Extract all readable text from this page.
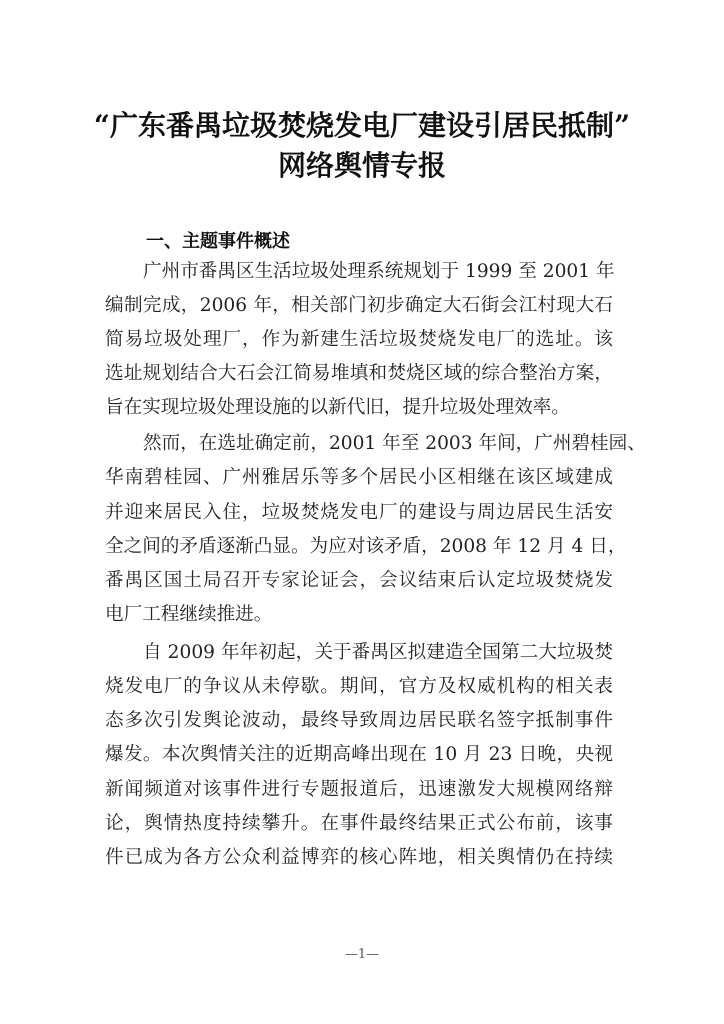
“广东番禺垃圾焚烧发电厂建设引居民抵制”
网络舆情专报
一、主题事件概述
广州市番禺区生活垃圾处理系统规划于 1999 至 2001 年
编制完成，2006 年，相关部门初步确定大石街会江村现大石
简易垃圾处理厂，作为新建生活垃圾焚烧发电厂的选址。该
选址规划结合大石会江简易堆填和焚烧区域的综合整治方案，
旨在实现垃圾处理设施的以新代旧，提升垃圾处理效率。
然而，在选址确定前，2001 年至 2003 年间，广州碧桂园、
华南碧桂园、广州雅居乐等多个居民小区相继在该区域建成
并迎来居民入住，垃圾焚烧发电厂的建设与周边居民生活安
全之间的矛盾逐渐凸显。为应对该矛盾，2008 年 12 月 4 日，
番禺区国土局召开专家论证会，会议结束后认定垃圾焚烧发
电厂工程继续推进。
自 2009 年年初起，关于番禺区拟建造全国第二大垃圾焚
烧发电厂的争议从未停歇。期间，官方及权威机构的相关表
态多次引发舆论波动，最终导致周边居民联名签字抵制事件
爆发。本次舆情关注的近期高峰出现在 10 月 23 日晚，央视
新闻频道对该事件进行专题报道后，迅速激发大规模网络辩
论，舆情热度持续攀升。在事件最终结果正式公布前，该事
件已成为各方公众利益博弈的核心阵地，相关舆情仍在持续
—1—
